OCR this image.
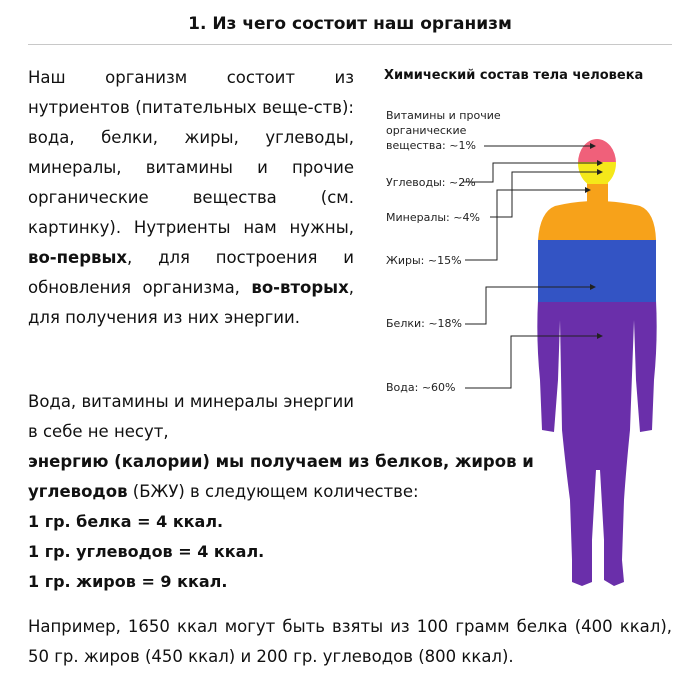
1. Из чего состоит наш организм

Наш организм состоит из нутриентов (питательных веще-ств): вода, белки, жиры, углеводы, минералы, витамины и прочие органические вещества (см. картинку). Нутриенты нам нужны, во-первых, для построения и обновления организма, во-вторых, для получения из них энергии.

Вода, витамины и минералы энергии в себе не несут,

энергию (калории) мы получаем из белков, жиров и углеводов (БЖУ) в следующем количестве:

1 гр. белка = 4 ккал.
1 гр. углеводов = 4 ккал.
1 гр. жиров = 9 ккал.

Например, 1650 ккал могут быть взяты из 100 грамм белка (400 ккал), 50 гр. жиров (450 ккал) и 200 гр. углеводов (800 ккал).

Химический состав тела человека
Витамины и прочие
органические
вещества: ~1%
Углеводы: ~2%
Минералы: ~4%
Жиры: ~15%
Белки: ~18%
Вода: ~60%
